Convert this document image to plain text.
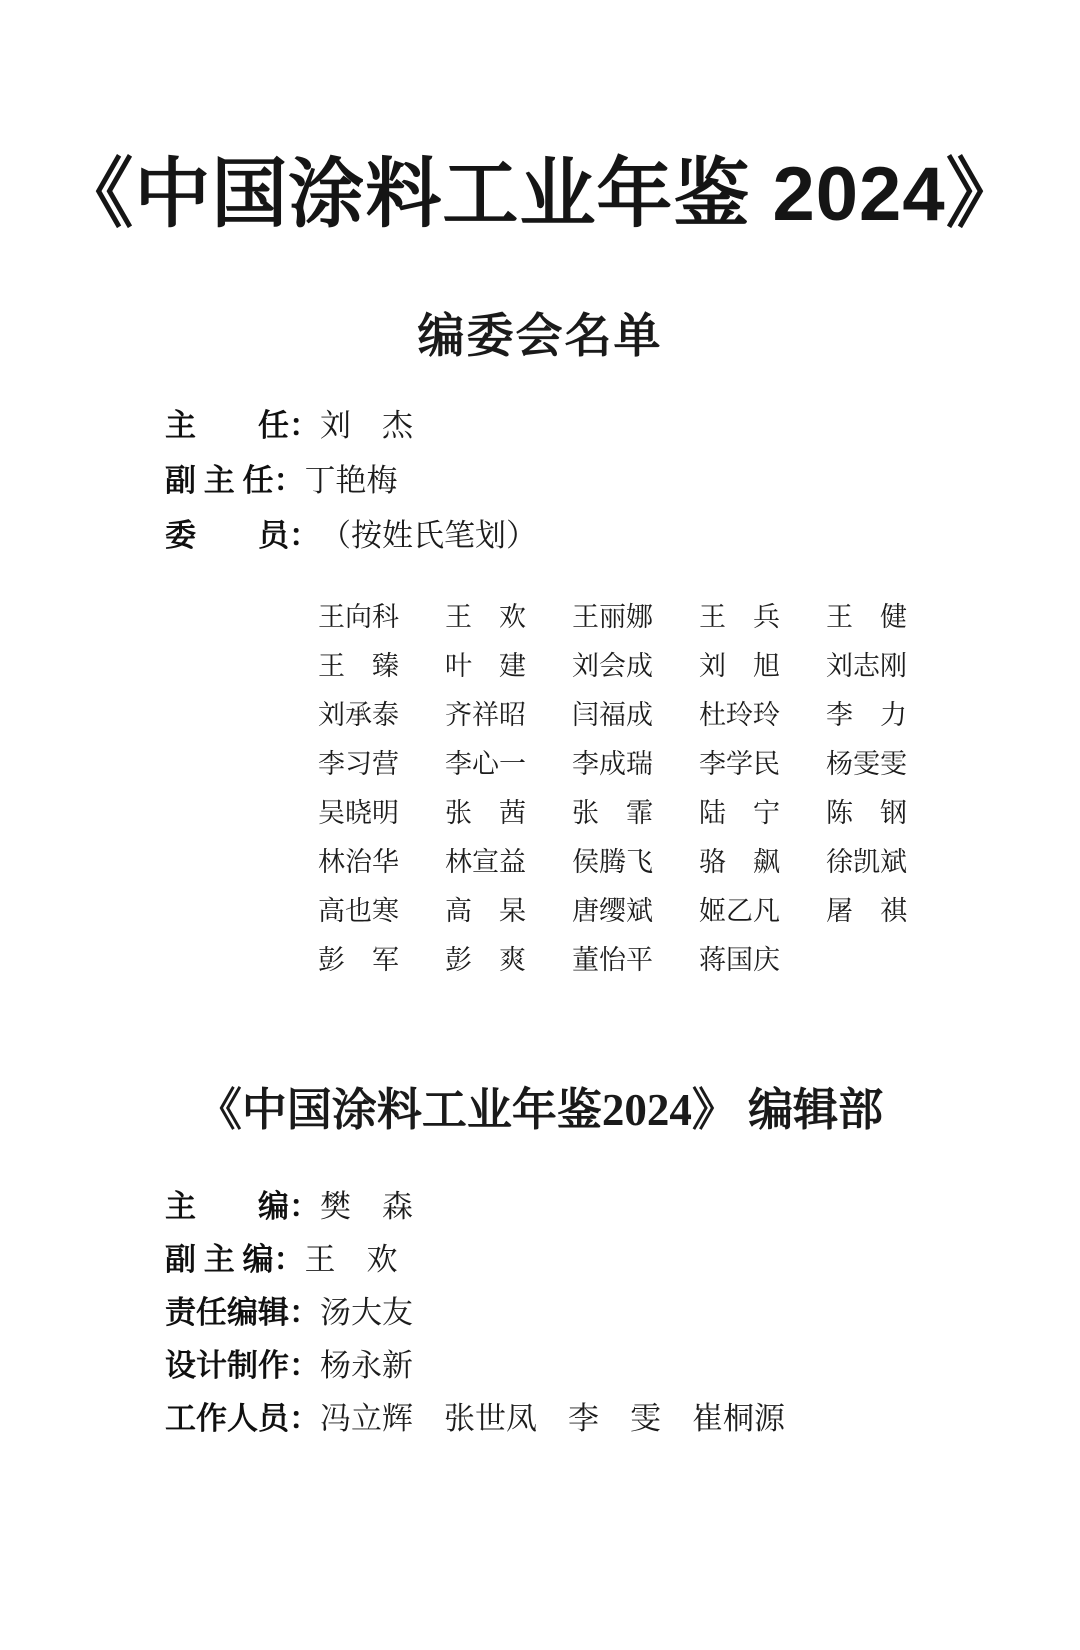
《中国涂料工业年鉴 2024》
编委会名单
主　　任： 刘　杰
副 主 任： 丁艳梅
委　　员： （按姓氏笔划）
王向科 王　欢 王丽娜 王　兵 王　健
王　臻 叶　建 刘会成 刘　旭 刘志刚
刘承泰 齐祥昭 闫福成 杜玲玲 李　力
李习营 李心一 李成瑞 李学民 杨雯雯
吴晓明 张　茜 张　霏 陆　宁 陈　钢
林治华 林宣益 侯腾飞 骆　飙 徐凯斌
高也寒 高　杲 唐缨斌 姬乙凡 屠　祺
彭　军 彭　爽 董怡平 蒋国庆
《中国涂料工业年鉴2024》 编辑部
主　　编： 樊　森
副 主 编： 王　欢
责任编辑： 汤大友
设计制作： 杨永新
工作人员： 冯立辉　张世凤　李　雯　崔桐源
